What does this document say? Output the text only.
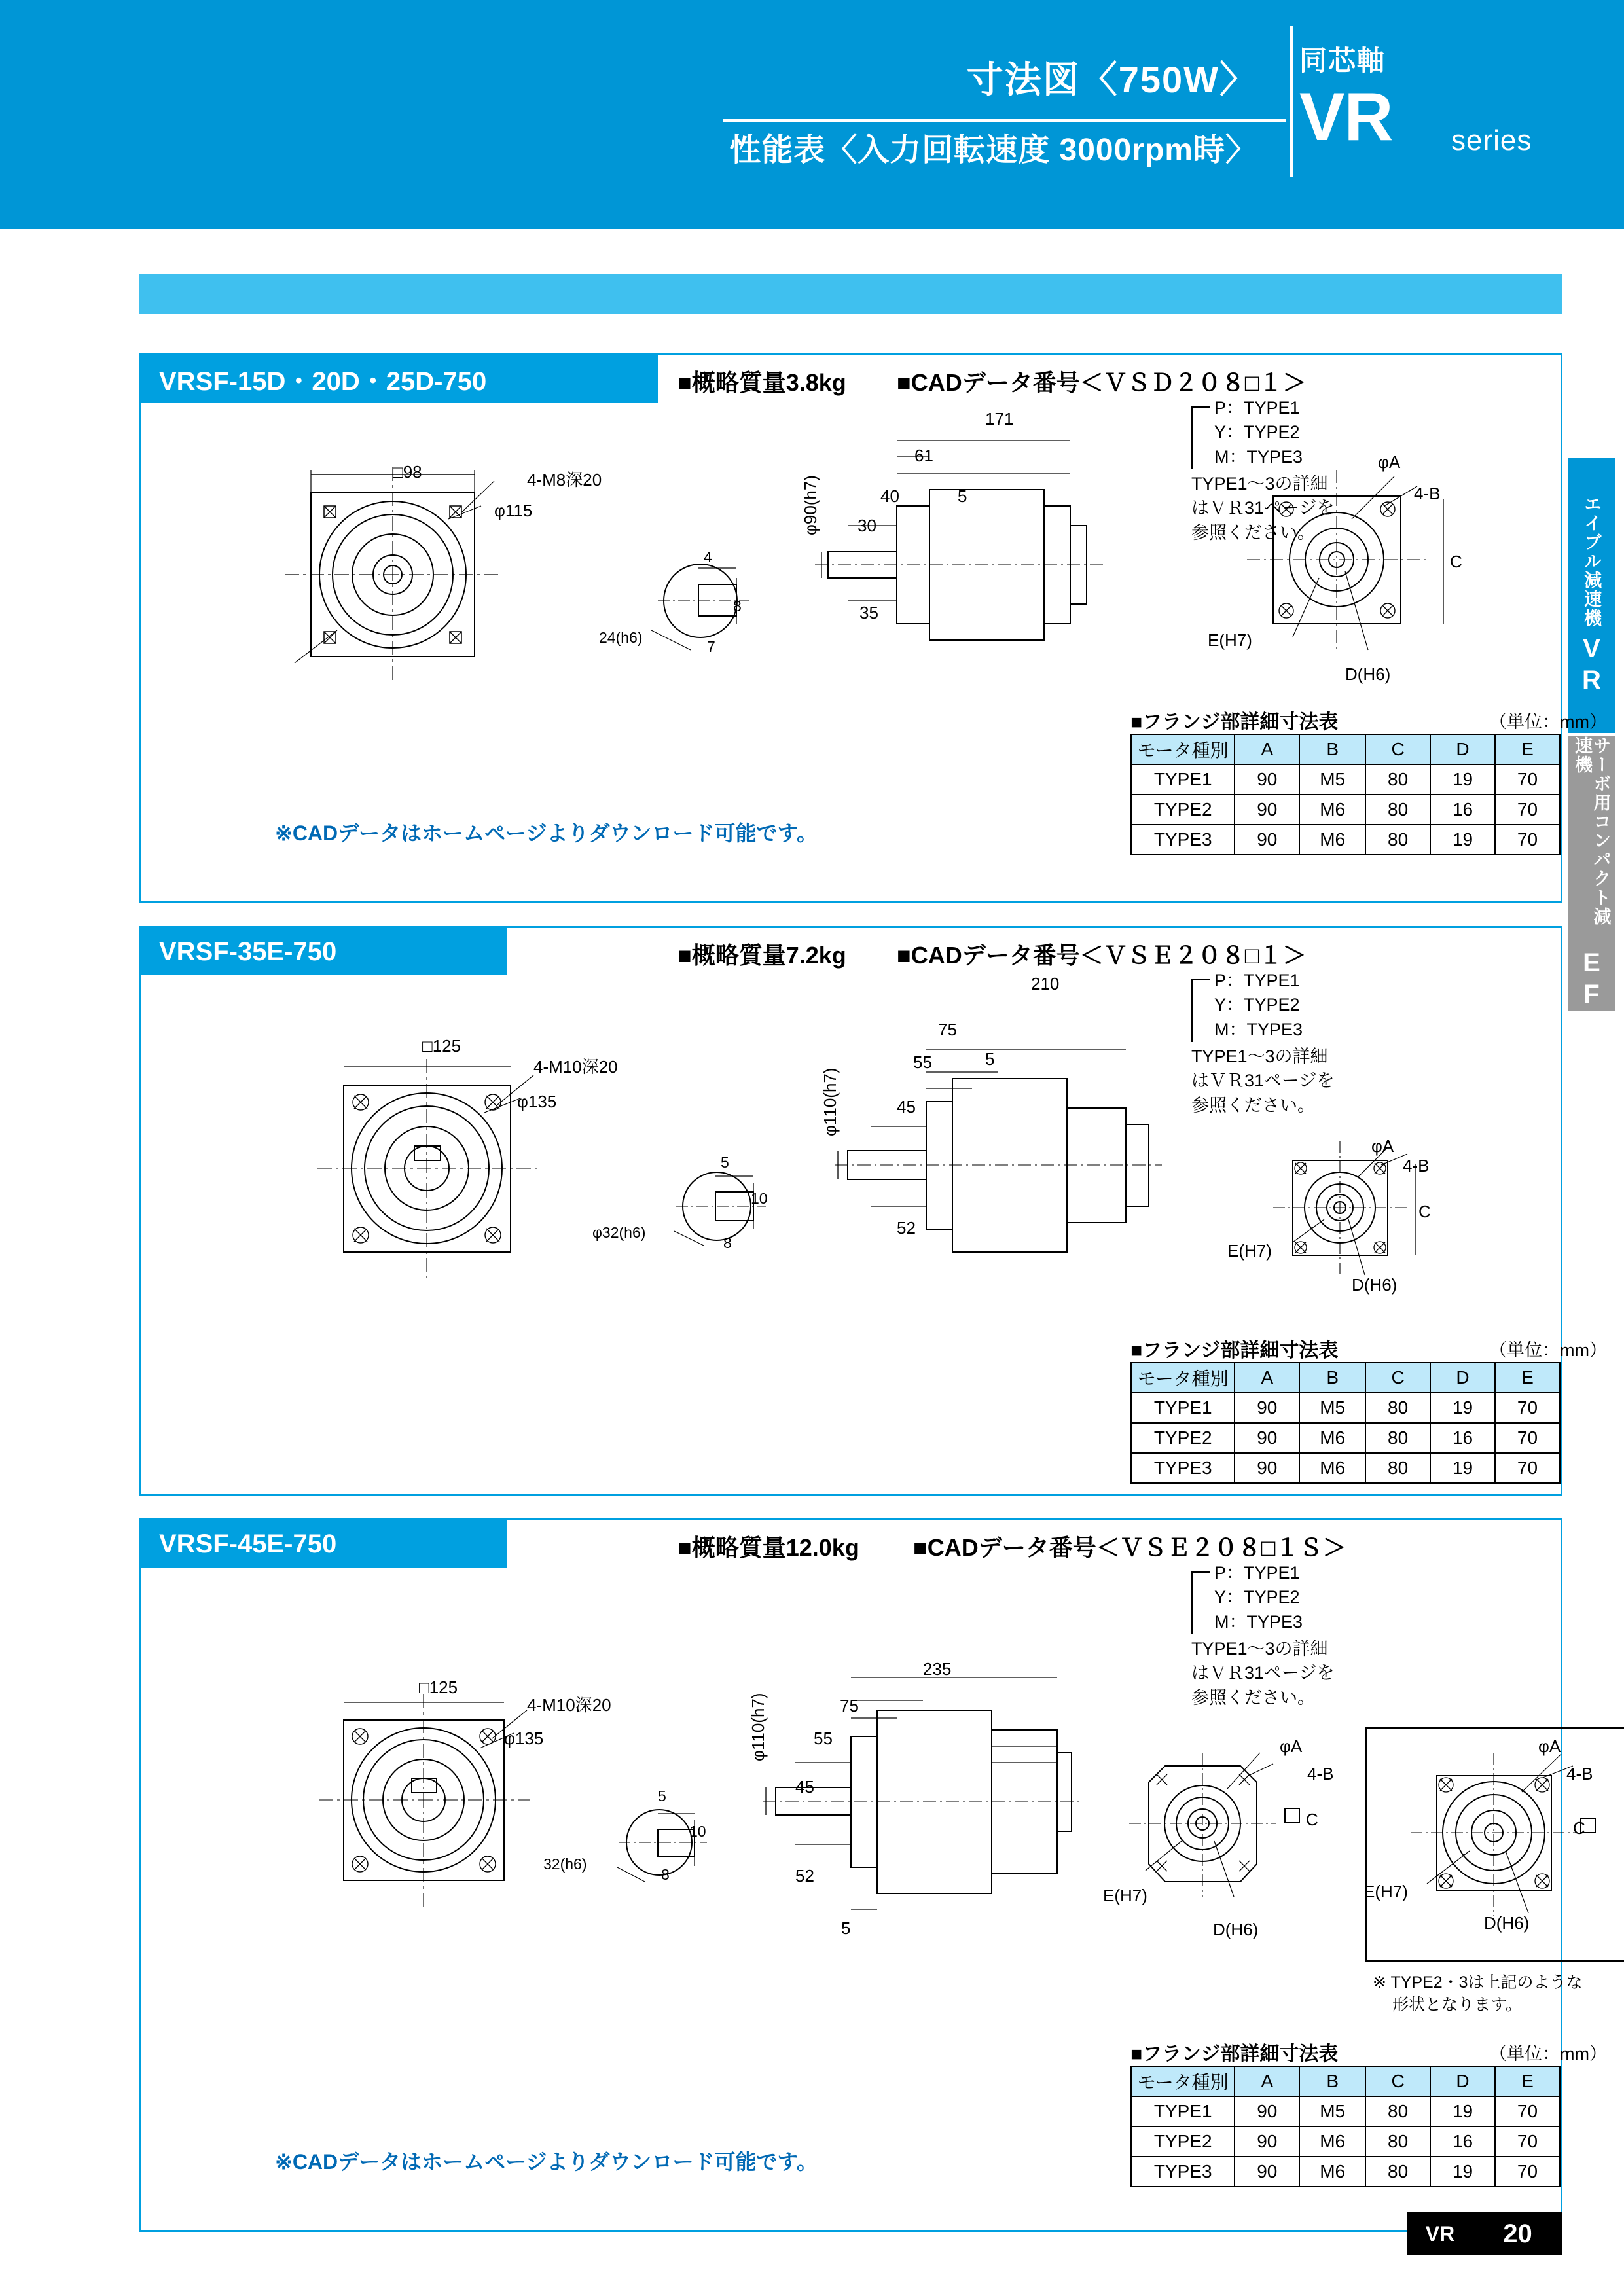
寸法図〈750W〉
性能表〈入力回転速度 3000rpm時〉
同芯軸
VR series
エイブル減速機
VR
サーボ用コンパクト減速機
EF
VRSF-15D・20D・25D-750	■概略質量3.8kg ■CADデータ番号＜ＶＳＤ２０８□１＞
P：TYPE1
Y：TYPE2
M：TYPE3
TYPE1～3の詳細
はＶＲ31ページを
参照ください。
□98	4-M8深20
φ115
4
8
7
24(h6)
171
61
40	5
30
35
φ90(h7)
φA
4-B
C
E(H7)
D(H6)
■フランジ部詳細寸法表	（単位：mm）
モータ種別	A	B	C	D	E
TYPE1	90	M5	80	19	70
TYPE2	90	M6	80	16	70
TYPE3	90	M6	80	19	70
※CADデータはホームページよりダウンロード可能です。
VRSF-35E-750	■概略質量7.2kg ■CADデータ番号＜ＶＳＥ２０８□１＞
P：TYPE1
Y：TYPE2
M：TYPE3
TYPE1～3の詳細
はＶＲ31ページを
参照ください。
□125
4-M10深20
φ135
5
10
8
φ32(h6)
210
75
55	5
45
52
φ110(h7)
φA
4-B
C
E(H7)
D(H6)
■フランジ部詳細寸法表	（単位：mm）
モータ種別	A	B	C	D	E
TYPE1	90	M5	80	19	70
TYPE2	90	M6	80	16	70
TYPE3	90	M6	80	19	70
VRSF-45E-750	■概略質量12.0kg ■CADデータ番号＜ＶＳＥ２０８□１Ｓ＞
P：TYPE1
Y：TYPE2
M：TYPE3
TYPE1～3の詳細
はＶＲ31ページを
参照ください。
□125
4-M10深20
φ135
5
10
8
32(h6)
235
75
55
45
52
5
φ110(h7)	φA
4-B
C
E(H7)
D(H6)
φA
4-B
C
E(H7)
D(H6)
※ TYPE2・3は上記のような
形状となります。
■フランジ部詳細寸法表	（単位：mm）
モータ種別	A	B	C	D	E
TYPE1	90	M5	80	19	70
TYPE2	90	M6	80	16	70
TYPE3	90	M6	80	19	70
※CADデータはホームページよりダウンロード可能です。
VR	20
